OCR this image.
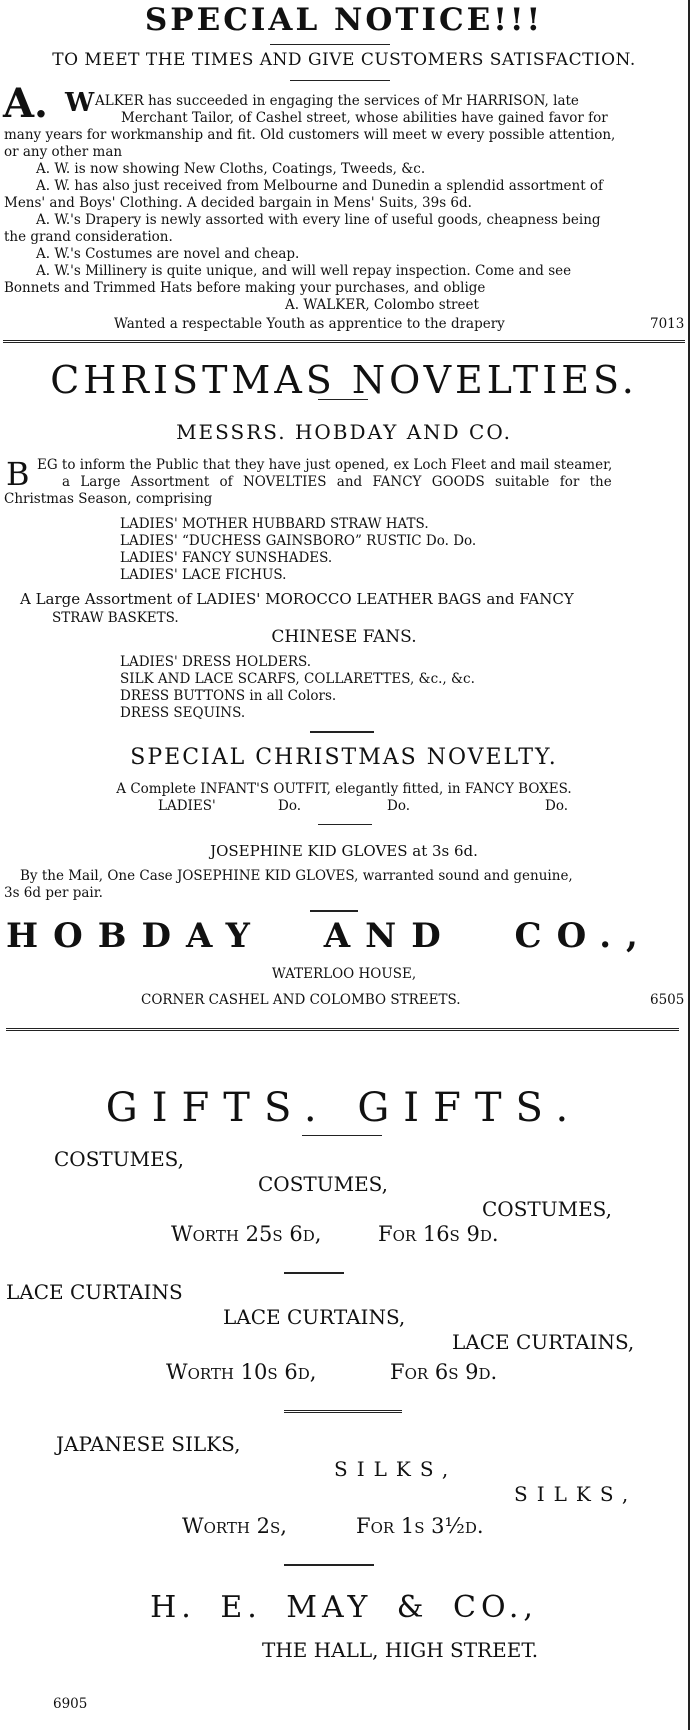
SPECIAL NOTICE!!!
TO MEET THE TIMES AND GIVE CUSTOMERS SATISFACTION.
A. W ALKER has succeeded in engaging the services of Mr HARRISON, late
Merchant Tailor, of Cashel street, whose abilities have gained favor for
many years for workmanship and fit. Old customers will meet w every possible attention,
or any other man
A. W. is now showing New Cloths, Coatings, Tweeds, &c.
A. W. has also just received from Melbourne and Dunedin a splendid assortment of
Mens' and Boys' Clothing. A decided bargain in Mens' Suits, 39s 6d.
A. W.'s Drapery is newly assorted with every line of useful goods, cheapness being
the grand consideration.
A. W.'s Costumes are novel and cheap.
A. W.'s Millinery is quite unique, and will well repay inspection. Come and see
Bonnets and Trimmed Hats before making your purchases, and oblige
A. WALKER, Colombo street
Wanted a respectable Youth as apprentice to the drapery	7013
CHRISTMAS NOVELTIES.
MESSRS. HOBDAY AND CO.
B EG to inform the Public that they have just opened, ex Loch Fleet and mail steamer,
a Large Assortment of NOVELTIES and FANCY GOODS suitable for the
Christmas Season, comprising
LADIES' MOTHER HUBBARD STRAW HATS.
LADIES' “DUCHESS GAINSBORO” RUSTIC Do. Do.
LADIES' FANCY SUNSHADES.
LADIES' LACE FICHUS.
A Large Assortment of LADIES' MOROCCO LEATHER BAGS and FANCY
STRAW BASKETS.
CHINESE FANS.
LADIES' DRESS HOLDERS.
SILK AND LACE SCARFS, COLLARETTES, &c., &c.
DRESS BUTTONS in all Colors.
DRESS SEQUINS.
SPECIAL CHRISTMAS NOVELTY.
A Complete INFANT'S OUTFIT, elegantly fitted, in FANCY BOXES.
LADIES'	Do.	Do.	Do.
JOSEPHINE KID GLOVES at 3s 6d.
By the Mail, One Case JOSEPHINE KID GLOVES, warranted sound and genuine,
3s 6d per pair.
HOBDAY AND CO.,
WATERLOO HOUSE,
CORNER CASHEL AND COLOMBO STREETS.	6505
GIFTS. GIFTS.
COSTUMES,
COSTUMES,
COSTUMES,
Worth 25s 6d,	For 16s 9d.
LACE CURTAINS
LACE CURTAINS,
LACE CURTAINS,
Worth 10s 6d,	For 6s 9d.
JAPANESE SILKS,
SILKS,
SILKS,
Worth 2s,	For 1s 3½d.
H. E. MAY & CO.,
THE HALL, HIGH STREET.
6905
